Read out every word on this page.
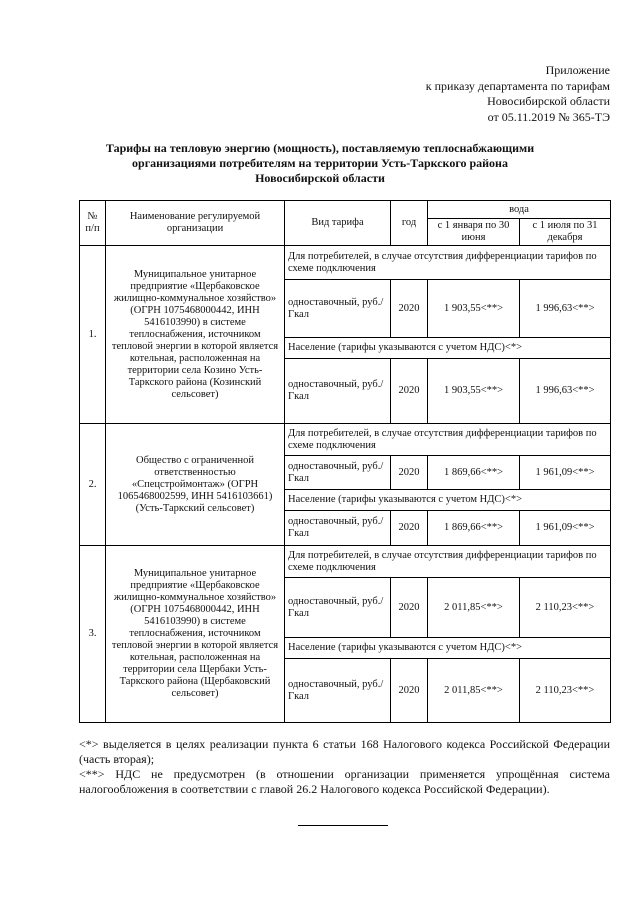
Приложение
к приказу департамента по тарифам
Новосибирской области
от 05.11.2019 № 365-ТЭ
Тарифы на тепловую энергию (мощность), поставляемую теплоснабжающими
организациями потребителям на территории Усть-Таркского района
Новосибирской области
№ п/п	Наименование регулируемой организации	Вид тарифа	год	вода	
				с 1 января по 30 июня	с 1 июля по 31 декабря
1.	Муниципальное унитарное предприятие «Щербаковское жилищно-коммунальное хозяйство» (ОГРН 1075468000442, ИНН 5416103990) в системе теплоснабжения, источником тепловой энергии в которой является котельная, расположенная на территории села Козино Усть-Таркского района (Козинский сельсовет)	Для потребителей, в случае отсутствия дифференциации тарифов по схеме подключения			
		одноставочный, руб./Гкал	2020	1 903,55<**>	1 996,63<**>
		Население (тарифы указываются с учетом НДС)<*>			
		одноставочный, руб./Гкал	2020	1 903,55<**>	1 996,63<**>
2.	Общество с ограниченной ответственностью «Спецстроймонтаж» (ОГРН 1065468002599, ИНН 5416103661) (Усть-Таркский сельсовет)	Для потребителей, в случае отсутствия дифференциации тарифов по схеме подключения			
		одноставочный, руб./Гкал	2020	1 869,66<**>	1 961,09<**>
		Население (тарифы указываются с учетом НДС)<*>			
		одноставочный, руб./Гкал	2020	1 869,66<**>	1 961,09<**>
3.	Муниципальное унитарное предприятие «Щербаковское жилищно-коммунальное хозяйство» (ОГРН 1075468000442, ИНН 5416103990) в системе теплоснабжения, источником тепловой энергии в которой является котельная, расположенная на территории села Щербаки Усть-Таркского района (Щербаковский сельсовет)	Для потребителей, в случае отсутствия дифференциации тарифов по схеме подключения			
		одноставочный, руб./Гкал	2020	2 011,85<**>	2 110,23<**>
		Население (тарифы указываются с учетом НДС)<*>			
		одноставочный, руб./Гкал	2020	2 011,85<**>	2 110,23<**>

<*> выделяется в целях реализации пункта 6 статьи 168 Налогового кодекса Российской Федерации (часть вторая);

<**> НДС не предусмотрен (в отношении организации применяется упрощённая система налогообложения в соответствии с главой 26.2 Налогового кодекса Российской Федерации).
